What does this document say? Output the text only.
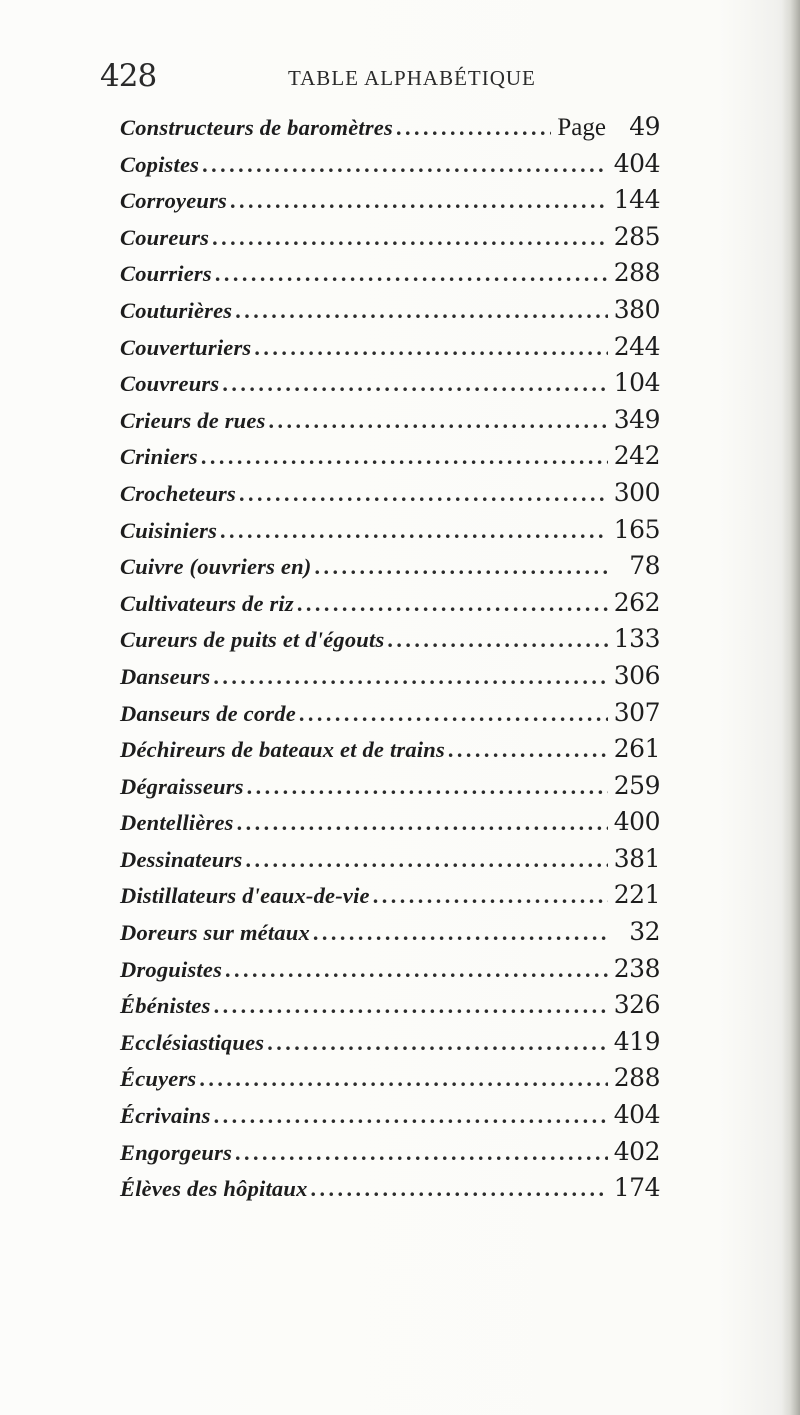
428	TABLE ALPHABÉTIQUE
Constructeurs de baromètres . . .	Page 49
Copistes . . .	404
Corroyeurs . . .	144
Coureurs . . .	285
Courriers . . .	288
Couturières . . .	380
Couverturiers . . .	244
Couvreurs . . .	104
Crieurs de rues . . .	349
Criniers . . .	242
Crocheteurs . . .	300
Cuisiniers . . .	165
Cuivre (ouvriers en) . . .	78
Cultivateurs de riz . . .	262
Cureurs de puits et d'égouts . . .	133
Danseurs . . .	306
Danseurs de corde . . .	307
Déchireurs de bateaux et de trains . . .	261
Dégraisseurs . . .	259
Dentellières . . .	400
Dessinateurs . . .	381
Distillateurs d'eaux-de-vie . . .	221
Doreurs sur métaux . . .	32
Droguistes . . .	238
Ébénistes . . .	326
Ecclésiastiques . . .	419
Écuyers . . .	288
Écrivains . . .	404
Engorgeurs . . .	402
Élèves des hôpitaux . . .	174
